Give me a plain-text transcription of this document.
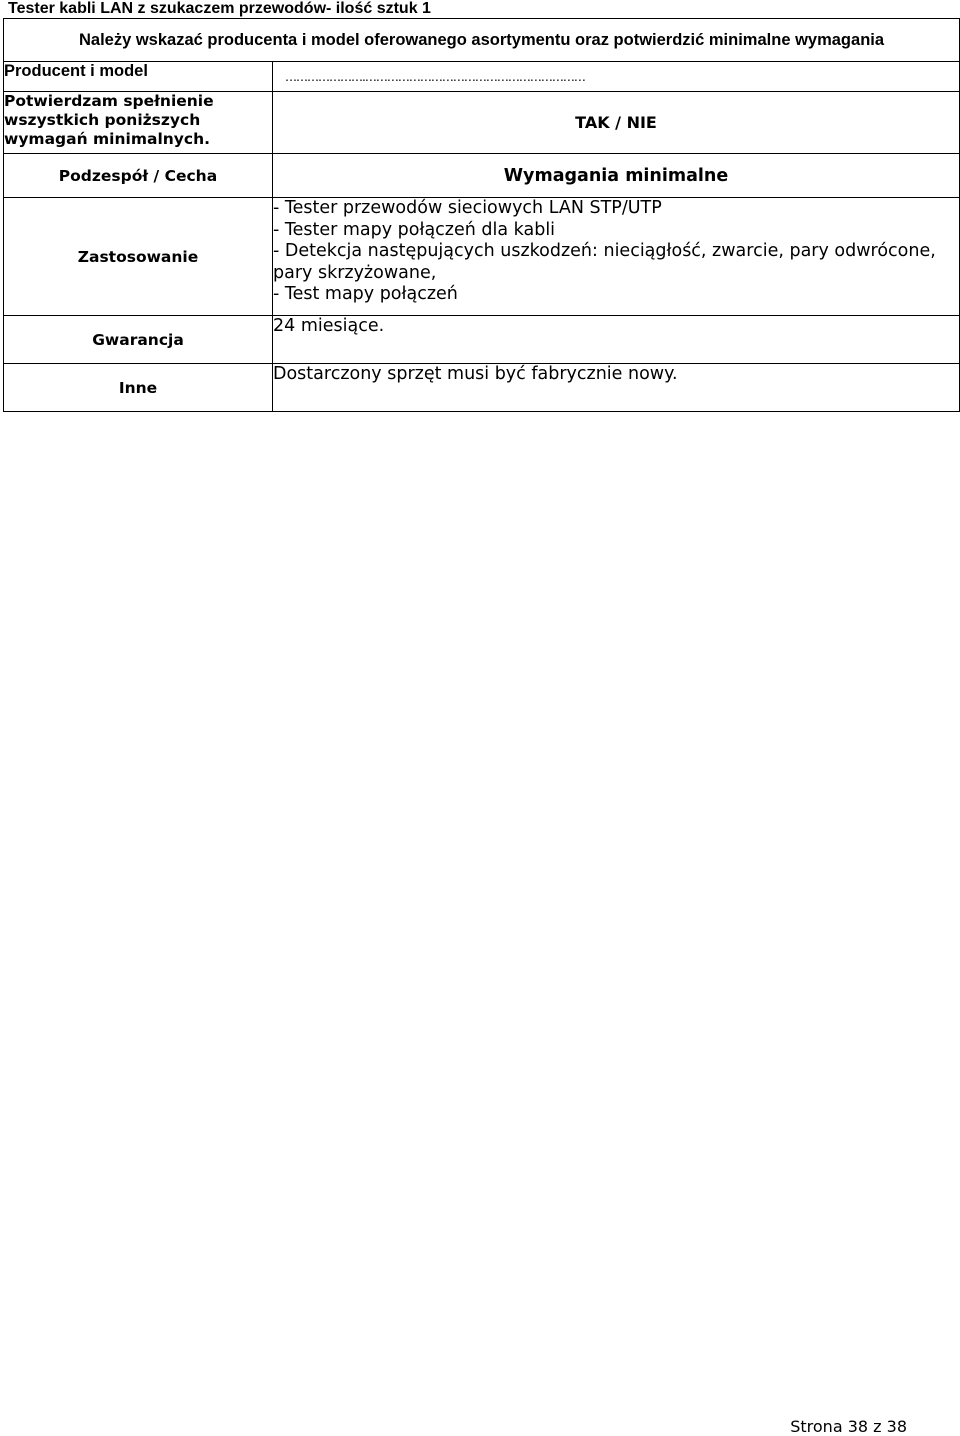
Tester kabli LAN z szukaczem przewodów- ilość sztuk 1
Należy wskazać producenta i model oferowanego asortymentu oraz potwierdzić minimalne wymagania	
Producent i model	………………….……………………………………………………
Potwierdzam spełnienie wszystkich poniższych wymagań minimalnych.	TAK / NIE
Podzespół / Cecha	Wymagania minimalne
Zastosowanie	- Tester przewodów sieciowych LAN STP/UTP
- Tester mapy połączeń dla kabli
- Detekcja następujących uszkodzeń: nieciągłość, zwarcie, pary odwrócone, pary skrzyżowane,
- Test mapy połączeń

Gwarancja	24 miesiące.
Inne	Dostarczony sprzęt musi być fabrycznie nowy.
Strona 38 z 38
